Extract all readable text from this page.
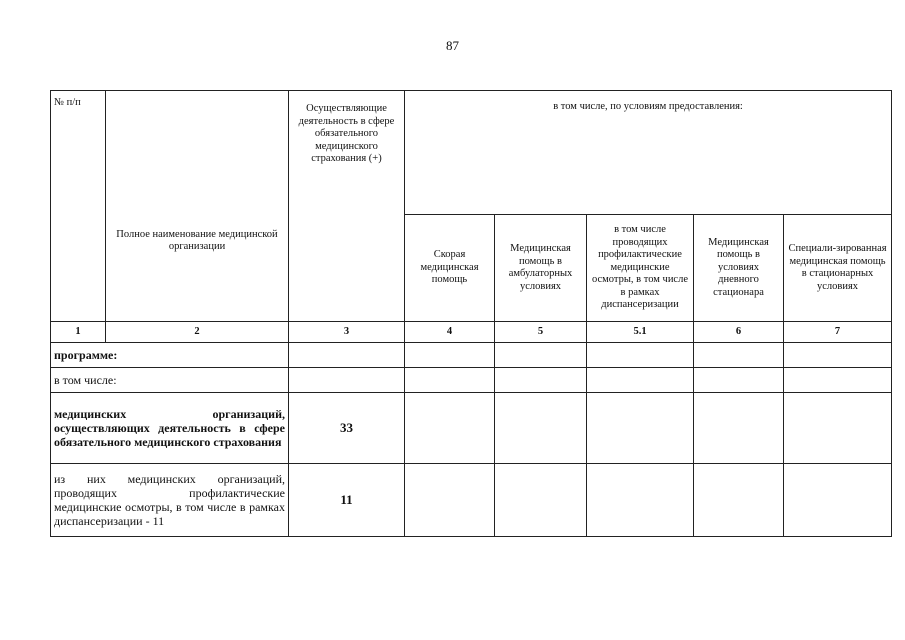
87
№ п/п	Полное наименование медицинской организации	Осуществляющие деятельность в сфере обязательного медицинского страхования (+)	в том числе, по условиям предоставления:				
			Скорая медицинская помощь	Медицинская помощь в амбулаторных условиях	в том числе проводящих профилактические медицинские осмотры, в том числе в рамках диспансеризации	Медицинская помощь в условиях дневного стационара	Специали-зированная медицинская помощь в стационарных условиях
1	2	3	4	5	5.1	6	7
программе:							
в том числе:							
медицинских организаций, осуществляющих деятельность в сфере обязательного медицинского страхования		33					
из них медицинских организаций, проводящих профилактические медицинские осмотры, в том числе в рамках диспансеризации - 11		11					
